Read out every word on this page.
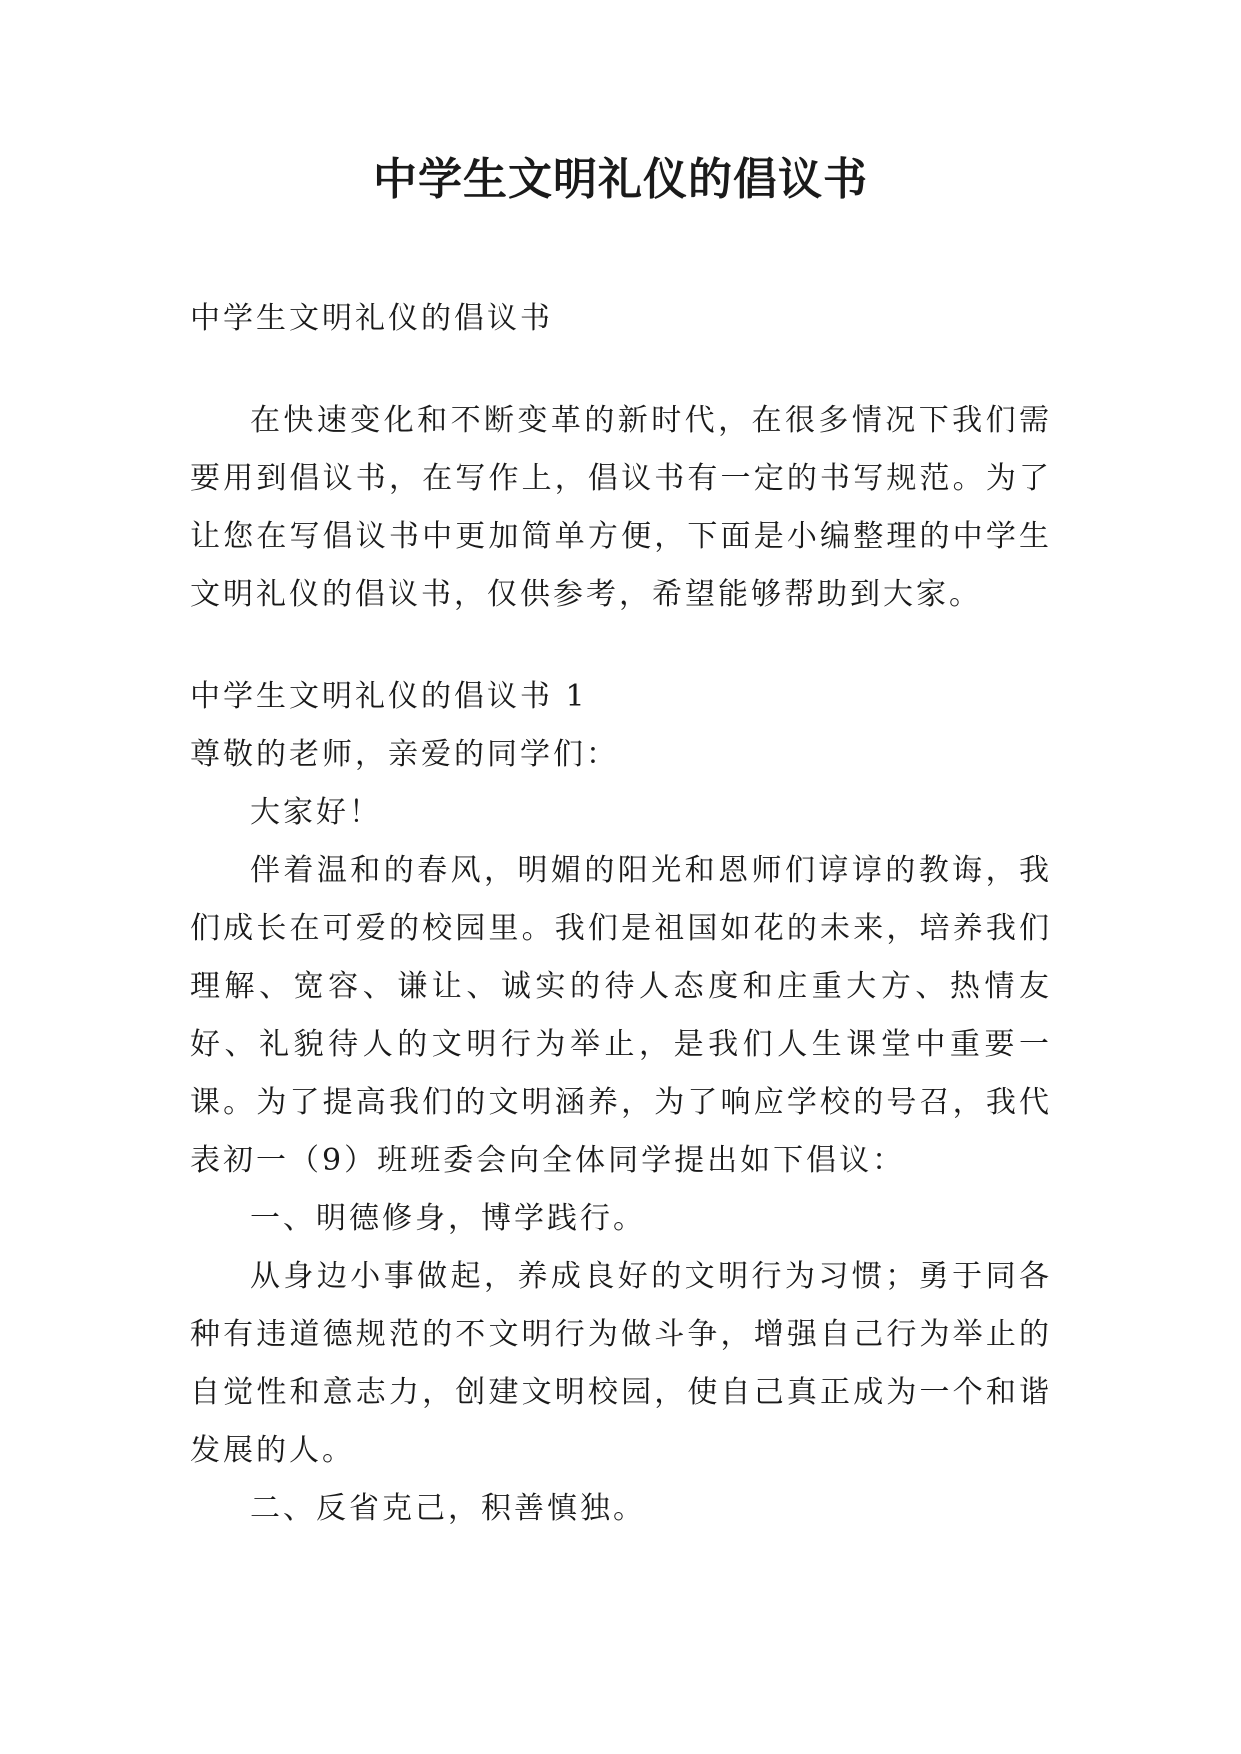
中学生文明礼仪的倡议书
中学生文明礼仪的倡议书

在快速变化和不断变革的新时代，在很多情况下我们需要用到倡议书，在写作上，倡议书有一定的书写规范。为了让您在写倡议书中更加简单方便，下面是小编整理的中学生文明礼仪的倡议书，仅供参考，希望能够帮助到大家。

中学生文明礼仪的倡议书 1
尊敬的老师，亲爱的同学们：
大家好！

伴着温和的春风，明媚的阳光和恩师们谆谆的教诲，我们成长在可爱的校园里。我们是祖国如花的未来，培养我们理解、宽容、谦让、诚实的待人态度和庄重大方、热情友好、礼貌待人的文明行为举止，是我们人生课堂中重要一课。为了提高我们的文明涵养，为了响应学校的号召，我代表初一（9）班班委会向全体同学提出如下倡议：

一、明德修身，博学践行。

从身边小事做起，养成良好的文明行为习惯；勇于同各种有违道德规范的不文明行为做斗争，增强自己行为举止的自觉性和意志力，创建文明校园，使自己真正成为一个和谐发展的人。

二、反省克己，积善慎独。
